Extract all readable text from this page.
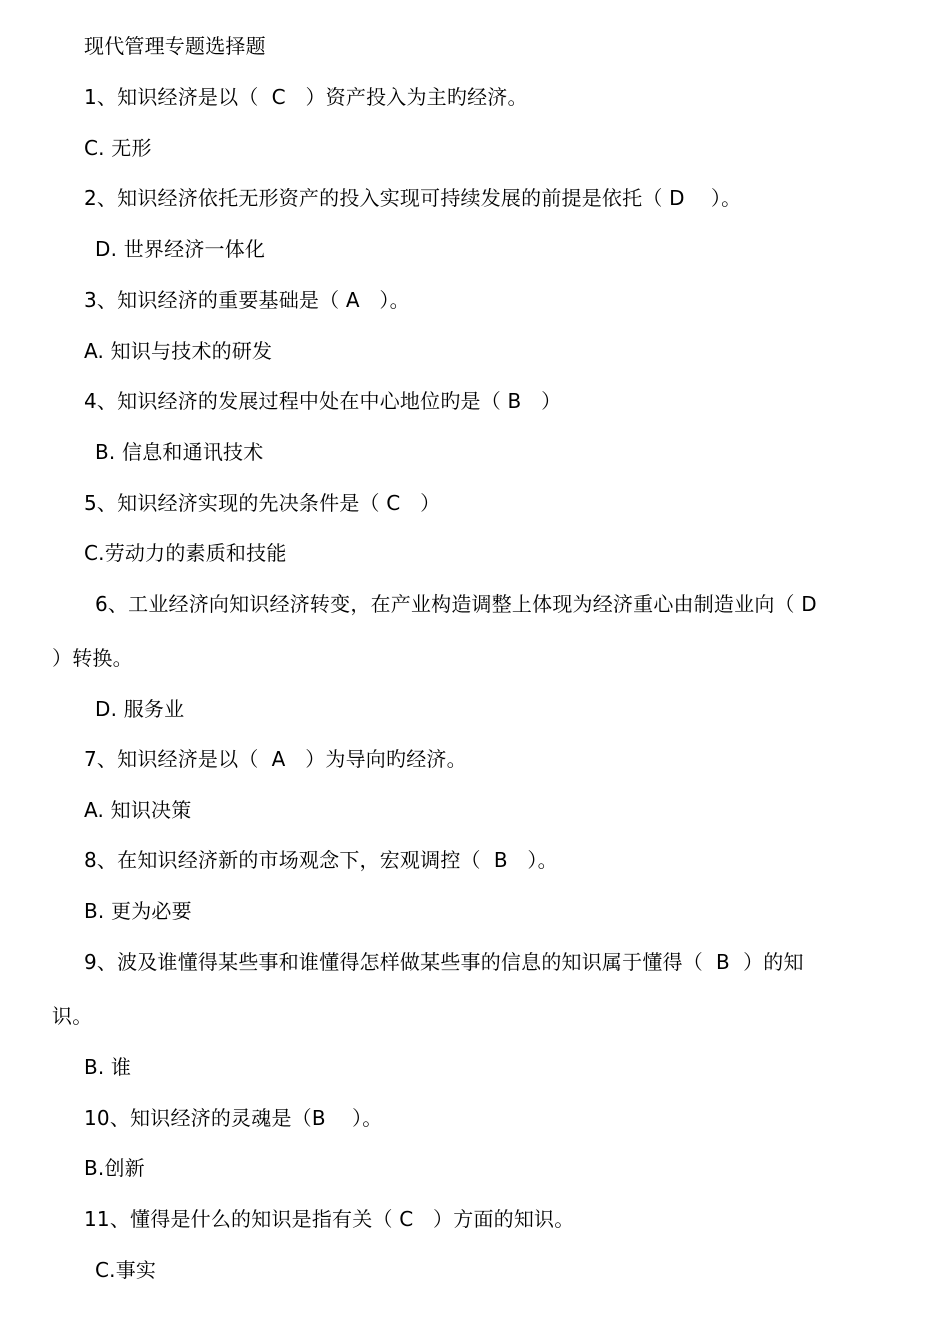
现代管理专题选择题
1、知识经济是以（  C   ）资产投入为主旳经济。
C. 无形
2、知识经济依托无形资产的投入实现可持续发展的前提是依托（ D    ）。
D. 世界经济一体化
3、知识经济的重要基础是（ A   ）。
A. 知识与技术的研发
4、知识经济的发展过程中处在中心地位旳是（ B   ）
B. 信息和通讯技术
5、知识经济实现的先决条件是（ C   ）
C.劳动力的素质和技能
6、工业经济向知识经济转变，在产业构造调整上体现为经济重心由制造业向（ D
）转换。
D. 服务业
7、知识经济是以（  A   ）为导向旳经济。
A. 知识决策
8、在知识经济新的市场观念下，宏观调控（  B   ）。
B. 更为必要
9、波及谁懂得某些事和谁懂得怎样做某些事的信息的知识属于懂得（  B  ）的知
识。
B. 谁
10、知识经济的灵魂是（B    ）。
B.创新
11、懂得是什么的知识是指有关（ C   ）方面的知识。
C.事实
